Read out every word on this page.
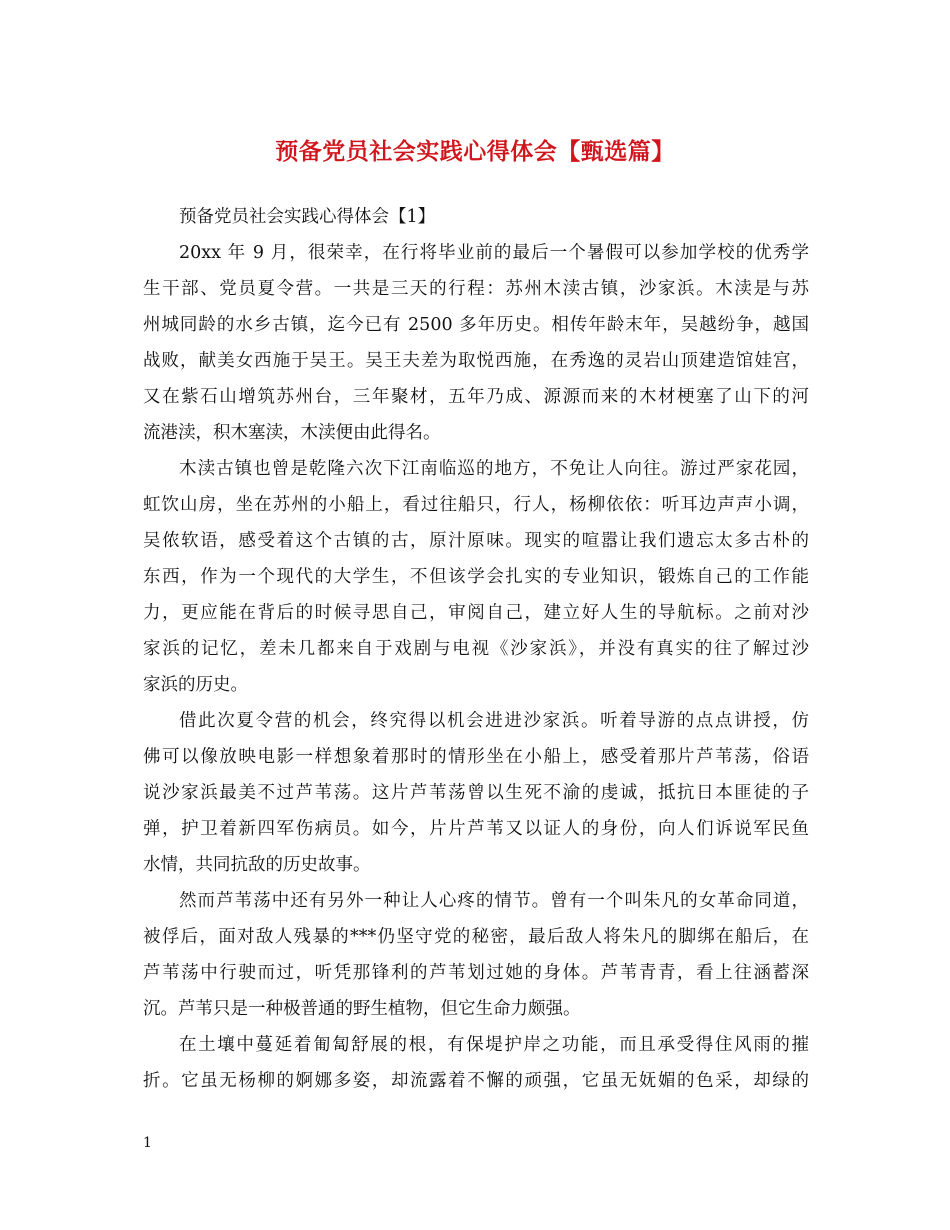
预备党员社会实践心得体会【甄选篇】
预备党员社会实践心得体会【1】
20xx 年 9 月，很荣幸，在行将毕业前的最后一个暑假可以参加学校的优秀学
生干部、党员夏令营。一共是三天的行程：苏州木渎古镇，沙家浜。木渎是与苏
州城同龄的水乡古镇，迄今已有 2500 多年历史。相传年龄末年，吴越纷争，越国
战败，献美女西施于吴王。吴王夫差为取悦西施，在秀逸的灵岩山顶建造馆娃宫，
又在紫石山增筑苏州台，三年聚材，五年乃成、源源而来的木材梗塞了山下的河
流港渎，积木塞渎，木渎便由此得名。
木渎古镇也曾是乾隆六次下江南临巡的地方，不免让人向往。游过严家花园，
虹饮山房，坐在苏州的小船上，看过往船只，行人，杨柳依依：听耳边声声小调，
吴侬软语，感受着这个古镇的古，原汁原味。现实的喧嚣让我们遗忘太多古朴的
东西，作为一个现代的大学生，不但该学会扎实的专业知识，锻炼自己的工作能
力，更应能在背后的时候寻思自己，审阅自己，建立好人生的导航标。之前对沙
家浜的记忆，差未几都来自于戏剧与电视《沙家浜》，并没有真实的往了解过沙
家浜的历史。
借此次夏令营的机会，终究得以机会进进沙家浜。听着导游的点点讲授，仿
佛可以像放映电影一样想象着那时的情形坐在小船上，感受着那片芦苇荡，俗语
说沙家浜最美不过芦苇荡。这片芦苇荡曾以生死不渝的虔诚，抵抗日本匪徒的子
弹，护卫着新四军伤病员。如今，片片芦苇又以证人的身份，向人们诉说军民鱼
水情，共同抗敌的历史故事。
然而芦苇荡中还有另外一种让人心疼的情节。曾有一个叫朱凡的女革命同道，
被俘后，面对敌人残暴的***仍坚守党的秘密，最后敌人将朱凡的脚绑在船后，在
芦苇荡中行驶而过，听凭那锋利的芦苇划过她的身体。芦苇青青，看上往涵蓄深
沉。芦苇只是一种极普通的野生植物，但它生命力颇强。
在土壤中蔓延着匍匐舒展的根，有保堤护岸之功能，而且承受得住风雨的摧
折。它虽无杨柳的婀娜多姿，却流露着不懈的顽强，它虽无妩媚的色采，却绿的
1
